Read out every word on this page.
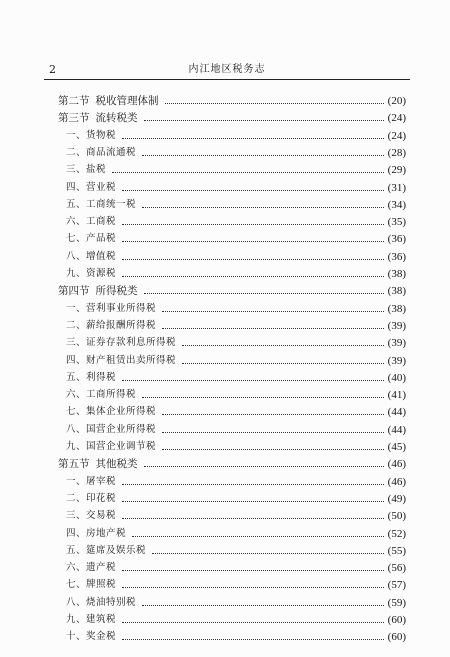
2	内江地区税务志
第二节 税收管理体制	(20)
第三节 流转税类	(24)
一、货物税	(24)
二、商品流通税	(28)
三、盐税	(29)
四、营业税	(31)
五、工商统一税	(34)
六、工商税	(35)
七、产品税	(36)
八、增值税	(36)
九、资源税	(38)
第四节 所得税类	(38)
一、营利事业所得税	(38)
二、薪给报酬所得税	(39)
三、证券存款利息所得税	(39)
四、财产租赁出卖所得税	(39)
五、利得税	(40)
六、工商所得税	(41)
七、集体企业所得税	(44)
八、国营企业所得税	(44)
九、国营企业调节税	(45)
第五节 其他税类	(46)
一、屠宰税	(46)
二、印花税	(49)
三、交易税	(50)
四、房地产税	(52)
五、筵席及娱乐税	(55)
六、遗产税	(56)
七、牌照税	(57)
八、烧油特别税	(59)
九、建筑税	(60)
十、奖金税	(60)
